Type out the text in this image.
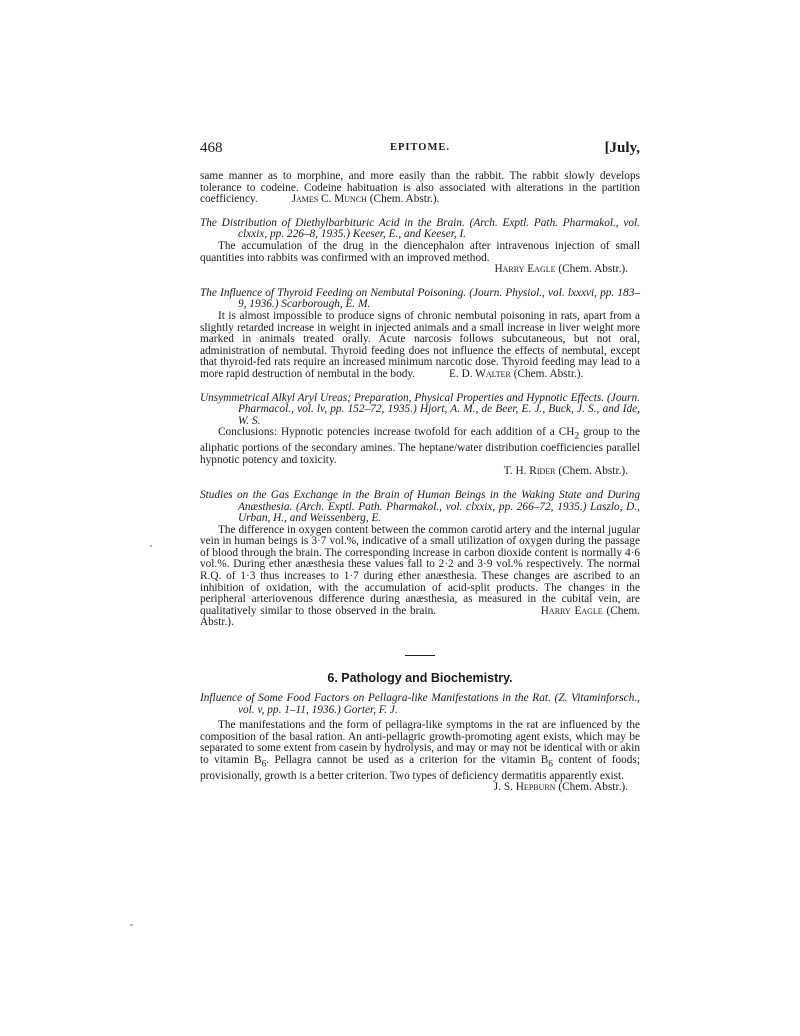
468	EPITOME.	[July,

same manner as to morphine, and more easily than the rabbit. The rabbit slowly develops tolerance to codeine. Codeine habituation is also associated with alterations in the partition coefficiency.	James C. Munch (Chem. Abstr.).

The Distribution of Diethylbarbituric Acid in the Brain. (Arch. Exptl. Path. Pharmakol., vol. clxxix, pp. 226–8, 1935.) Keeser, E., and Keeser, I.

The accumulation of the drug in the diencephalon after intravenous injection of small quantities into rabbits was confirmed with an improved method.

Harry Eagle (Chem. Abstr.).

The Influence of Thyroid Feeding on Nembutal Poisoning. (Journ. Physiol., vol. lxxxvi, pp. 183–9, 1936.) Scarborough, E. M.

It is almost impossible to produce signs of chronic nembutal poisoning in rats, apart from a slightly retarded increase in weight in injected animals and a small increase in liver weight more marked in animals treated orally. Acute narcosis follows subcutaneous, but not oral, administration of nembutal. Thyroid feeding does not influence the effects of nembutal, except that thyroid-fed rats require an increased minimum narcotic dose. Thyroid feeding may lead to a more rapid destruction of nembutal in the body.	E. D. Walter (Chem. Abstr.).

Unsymmetrical Alkyl Aryl Ureas; Preparation, Physical Properties and Hypnotic Effects. (Journ. Pharmacol., vol. lv, pp. 152–72, 1935.) Hjort, A. M., de Beer, E. J., Buck, J. S., and Ide, W. S.

Conclusions: Hypnotic potencies increase twofold for each addition of a $CH_2$ group to the aliphatic portions of the secondary amines. The heptane/water distribution coefficiencies parallel hypnotic potency and toxicity.

T. H. Rider (Chem. Abstr.).

Studies on the Gas Exchange in the Brain of Human Beings in the Waking State and During Anæsthesia. (Arch. Exptl. Path. Pharmakol., vol. clxxix, pp. 266–72, 1935.) Laszlo, D., Urban, H., and Weissenberg, E.

The difference in oxygen content between the common carotid artery and the internal jugular vein in human beings is 3·7 vol.%, indicative of a small utilization of oxygen during the passage of blood through the brain. The corresponding increase in carbon dioxide content is normally 4·6 vol.%. During ether anæsthesia these values fall to 2·2 and 3·9 vol.% respectively. The normal R.Q. of 1·3 thus increases to 1·7 during ether anæsthesia. These changes are ascribed to an inhibition of oxidation, with the accumulation of acid-split products. The changes in the peripheral arteriovenous difference during anæsthesia, as measured in the cubital vein, are qualitatively similar to those observed in the brain.	Harry Eagle (Chem. Abstr.).

6. Pathology and Biochemistry.

Influence of Some Food Factors on Pellagra-like Manifestations in the Rat. (Z. Vitaminforsch., vol. v, pp. 1–11, 1936.) Gorter, F. J.

The manifestations and the form of pellagra-like symptoms in the rat are influenced by the composition of the basal ration. An anti-pellagric growth-promoting agent exists, which may be separated to some extent from casein by hydrolysis, and may or may not be identical with or akin to vitamin $B_6$. Pellagra cannot be used as a criterion for the vitamin $B_6$ content of foods; provisionally, growth is a better criterion. Two types of deficiency dermatitis apparently exist.

J. S. Hepburn (Chem. Abstr.).
